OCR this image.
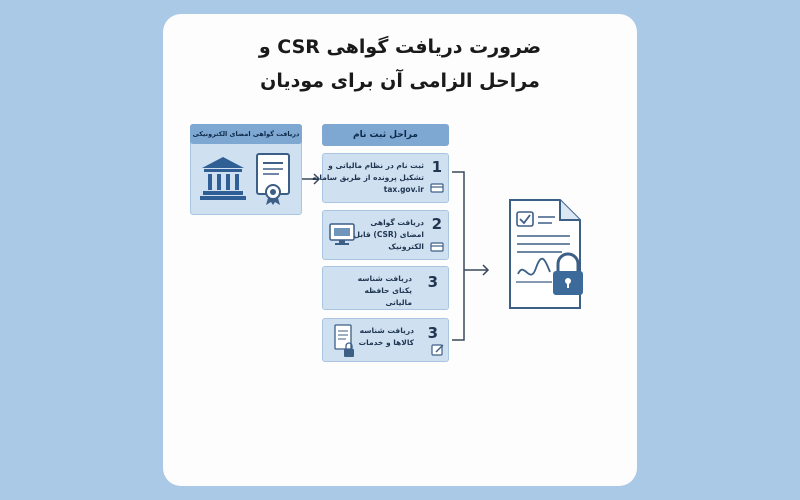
ضرورت دریافت گواهی CSR و
مراحل الزامی آن برای مودیان
دریافت گواهی امضای الکترونیکی	مراحل ثبت نام
1
ثبت نام در نظام مالیاتی و تشکیل پرونده از طریق سامانه tax.gov.ir
2
دریافت گواهی امضای (CSR) قابل الکترونیک
3
دریافت شناسه یکتای حافظه مالیاتی
3
دریافت شناسه کالاها و خدمات
